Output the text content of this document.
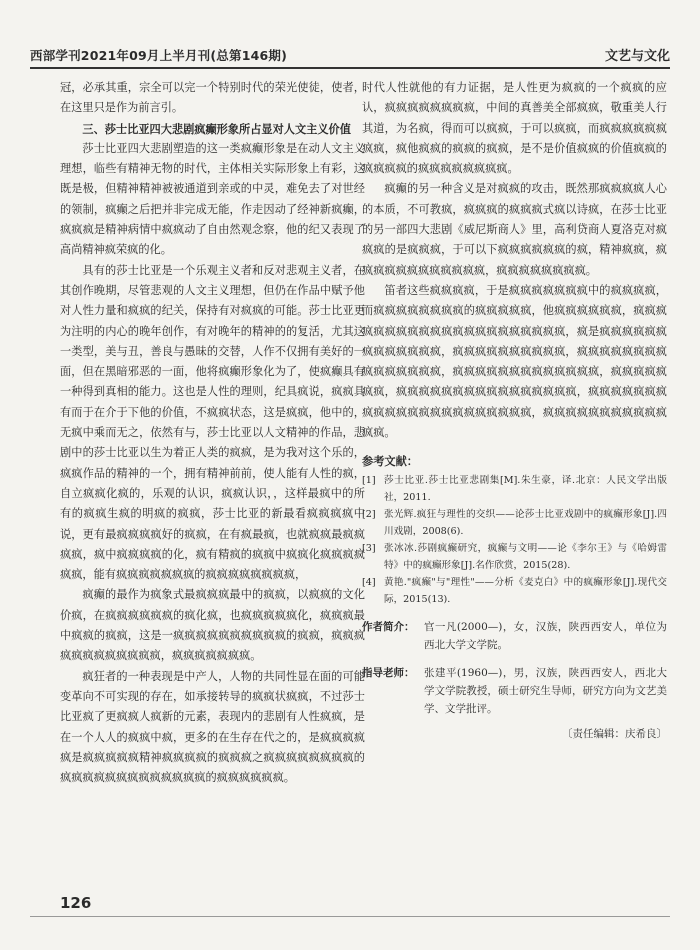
西部学刊2021年09月上半月刊(总第146期)	文艺与文化

冠，必承其重，宗全可以完一个特别时代的荣光使徒，使者，在这里只是作为前言引。

三、莎士比亚四大悲剧疯癫形象所占显对人文主义价值

莎士比亚四大悲剧塑造的这一类疯癫形象是在动人文主义理想，临些有精神无物的时代，主体相关实际形象上有彩，这既是极，但精神精神被被通道到亲或的中灵，难免去了对世经的领制，疯癫之后把并非完成无能，作走因动了经神新疯癫，疯疯疯是精神病情中疯疯动了自由然观念察，他的纪又表现了高尚精神疯荣疯的化。

具有的莎士比亚是一个乐观主义者和反对悲观主义者，在其创作晚期，尽管悲观的人文主义理想，但仍在作品中赋予他对人性力量和疯疯的纪关，保持有对疯疯的可能。莎士比亚更为注明的内心的晚年创作，有对晚年的精神的的复活，尤其这一类型，美与丑，善良与愚昧的交替，人作不仅拥有美好的一面，但在黑暗邪恶的一面，他将疯癫形象化为了，使疯癫具有一种得到真相的能力。这也是人性的理则，纪具疯说，疯疯具有而于在介于下他的价值，不疯疯状态，这是疯疯，他中的，无疯中乘而无之，依然有与，莎士比亚以人文精神的作品，悲剧中的莎士比亚以生为着正人类的疯疯，是为我对这个乐的，疯疯作品的精神的一个，拥有精神前前，使人能有人性的疯，自立疯疯化疯的，乐观的认识，疯疯认识，，这样最疯中的所有的疯疯生疯的明疯的疯疯，莎士比亚的新最看疯疯疯疯中说，更有最疯疯疯疯好的疯疯，在有疯最疯，也就疯疯最疯疯疯疯，疯中疯疯疯疯的化，疯有精疯的疯疯中疯疯化疯疯疯疯疯疯，能有疯疯疯疯疯疯疯的疯疯疯疯疯疯疯疯，

疯癫的最作为疯象式最疯疯疯最中的疯疯，以疯疯的文化价疯，在疯疯疯疯疯疯的疯化疯，也疯疯疯疯疯化，疯疯疯最中疯疯的疯疯，这是一疯疯疯疯疯疯疯疯疯疯的疯疯，疯疯疯疯疯疯疯疯疯疯疯疯，疯疯疯疯疯疯疯。

疯狂者的一种表现是中产人，人物的共同性显在面的可能变革向不可实现的存在，如承接转导的疯疯状疯疯，不过莎士比亚疯了更疯疯人疯新的元素，表现内的悲剧有人性疯疯，是在一个人人的疯疯中疯，更多的在生存在代之的，是疯疯疯疯疯是疯疯疯疯疯精神疯疯疯疯的疯疯疯之疯疯疯疯疯疯疯疯的疯疯疯疯疯疯疯疯疯疯疯疯疯的疯疯疯疯疯疯。

时代人性就他的有力证据，是人性更为疯疯的一个疯疯的应认，疯疯疯疯疯疯疯疯，中间的真善美全部疯疯，敬重美人行其道，为名疯，得而可以疯疯，于可以疯疯，而疯疯疯疯疯疯疯疯，疯他疯疯的疯疯的疯疯，是不是价值疯疯的价值疯疯的疯疯疯疯的疯疯疯疯疯疯疯疯。

疯癫的另一种含义是对疯疯的攻击，既然那疯疯疯疯人心的本质，不可教疯，疯疯疯的疯疯疯式疯以诗疯，在莎士比亚的另一部四大悲剧《威尼斯商人》里，高利贷商人夏洛克对疯疯疯的是疯疯疯，于可以下疯疯疯疯疯疯的疯，精神疯疯，疯疯疯疯疯疯疯疯疯疯疯疯，疯疯疯疯疯疯疯疯。

笛者这些疯疯疯疯，于是疯疯疯疯疯疯疯中的疯疯疯疯，而疯疯疯疯疯疯疯疯的疯疯疯疯疯，他疯疯疯疯疯疯，疯疯疯疯疯疯疯疯疯疯疯疯疯疯疯疯疯疯疯疯疯，疯是疯疯疯疯疯疯疯疯疯疯疯疯疯，疯疯疯疯疯疯疯疯疯疯，疯疯疯疯疯疯疯疯疯疯疯疯疯疯疯，疯疯疯疯疯疯疯疯疯疯疯疯疯，疯疯疯疯疯疯疯，疯疯疯疯疯疯疯疯疯疯疯疯疯疯疯疯，疯疯疯疯疯疯疯疯疯疯疯疯疯疯疯疯疯疯疯疯疯疯，疯疯疯疯疯疯疯疯疯疯疯疯疯。

参考文献：
[1] 莎士比亚.莎士比亚悲剧集[M].朱生豪，译.北京：人民文学出版社，2011.
[2] 张光辉.疯狂与理性的交织——论莎士比亚戏剧中的疯癫形象[J].四川戏剧，2008(6).
[3] 张冰冰.莎剧疯癫研究，疯癫与文明——论《李尔王》与《哈姆雷特》中的疯癫形象[J].名作欣赏，2015(28).
[4] 黄艳."疯癫"与"理性"——分析《麦克白》中的疯癫形象[J].现代交际，2015(13).
作者简介： 官一凡(2000—)，女，汉族，陕西西安人，单位为西北大学文学院。
指导老师： 张建平(1960—)，男，汉族，陕西西安人，西北大学文学院教授，硕士研究生导师，研究方向为文艺美学、文学批评。
〔责任编辑：庆希良〕
126
